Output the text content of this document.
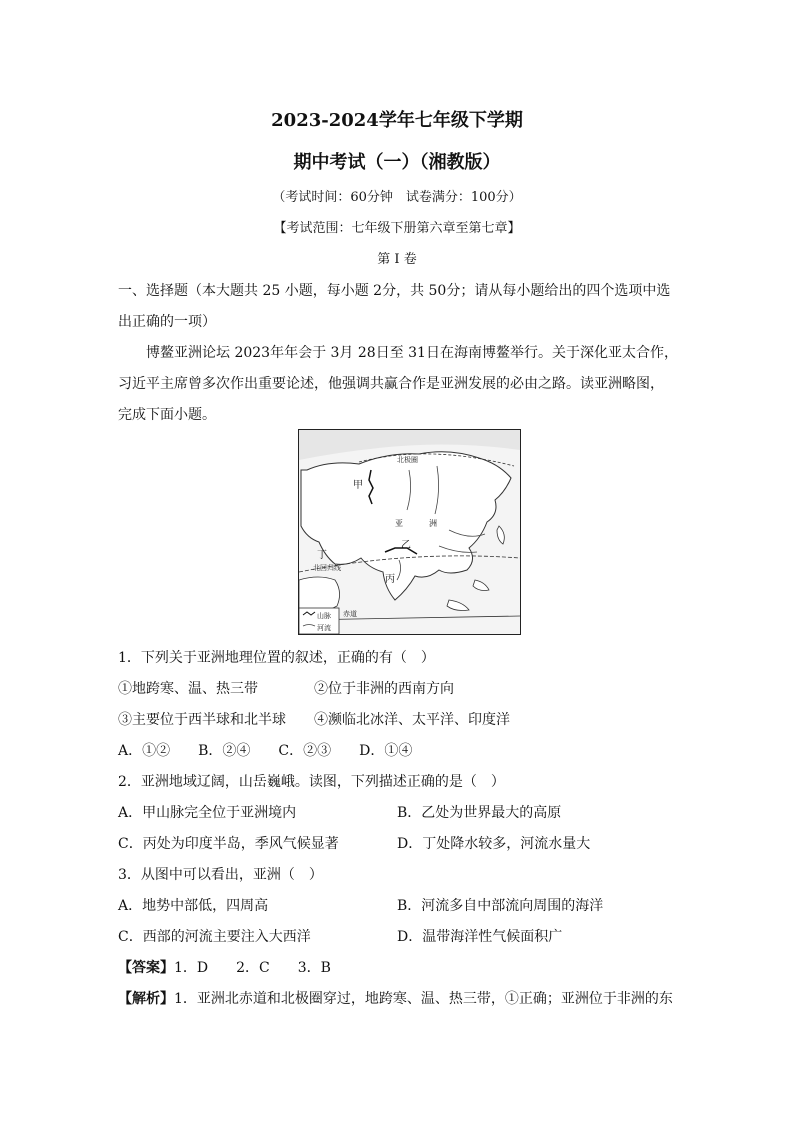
2023-2024学年七年级下学期
期中考试（一）（湘教版）
（考试时间：60分钟　试卷满分：100分）
【考试范围：七年级下册第六章至第七章】
第 I 卷
一、选择题（本大题共 25 小题，每小题 2分，共 50分；请从每小题给出的四个选项中选
出正确的一项）
博鳌亚洲论坛 2023年年会于 3月 28日至 31日在海南博鳌举行。关于深化亚太合作，
习近平主席曾多次作出重要论述，他强调共赢合作是亚洲发展的必由之路。读亚洲略图，
完成下面小题。
甲
亚	洲
乙
丙
丁
北极圈
北回归线
赤道
山脉
河流
1．下列关于亚洲地理位置的叙述，正确的有（　）
①地跨寒、温、热三带	②位于非洲的西南方向
③主要位于西半球和北半球 ④濒临北冰洋、太平洋、印度洋
A．①②　　B．②④　　C．②③　　D．①④
2．亚洲地域辽阔，山岳巍峨。读图，下列描述正确的是（　）
A．甲山脉完全位于亚洲境内	B．乙处为世界最大的高原
C．丙处为印度半岛，季风气候显著	D．丁处降水较多，河流水量大
3．从图中可以看出，亚洲（　）
A．地势中部低，四周高	B．河流多自中部流向周围的海洋
C．西部的河流主要注入大西洋	D．温带海洋性气候面积广
【答案】1．D　　2．C　　3．B
【解析】1．亚洲北赤道和北极圈穿过，地跨寒、温、热三带，①正确；亚洲位于非洲的东
